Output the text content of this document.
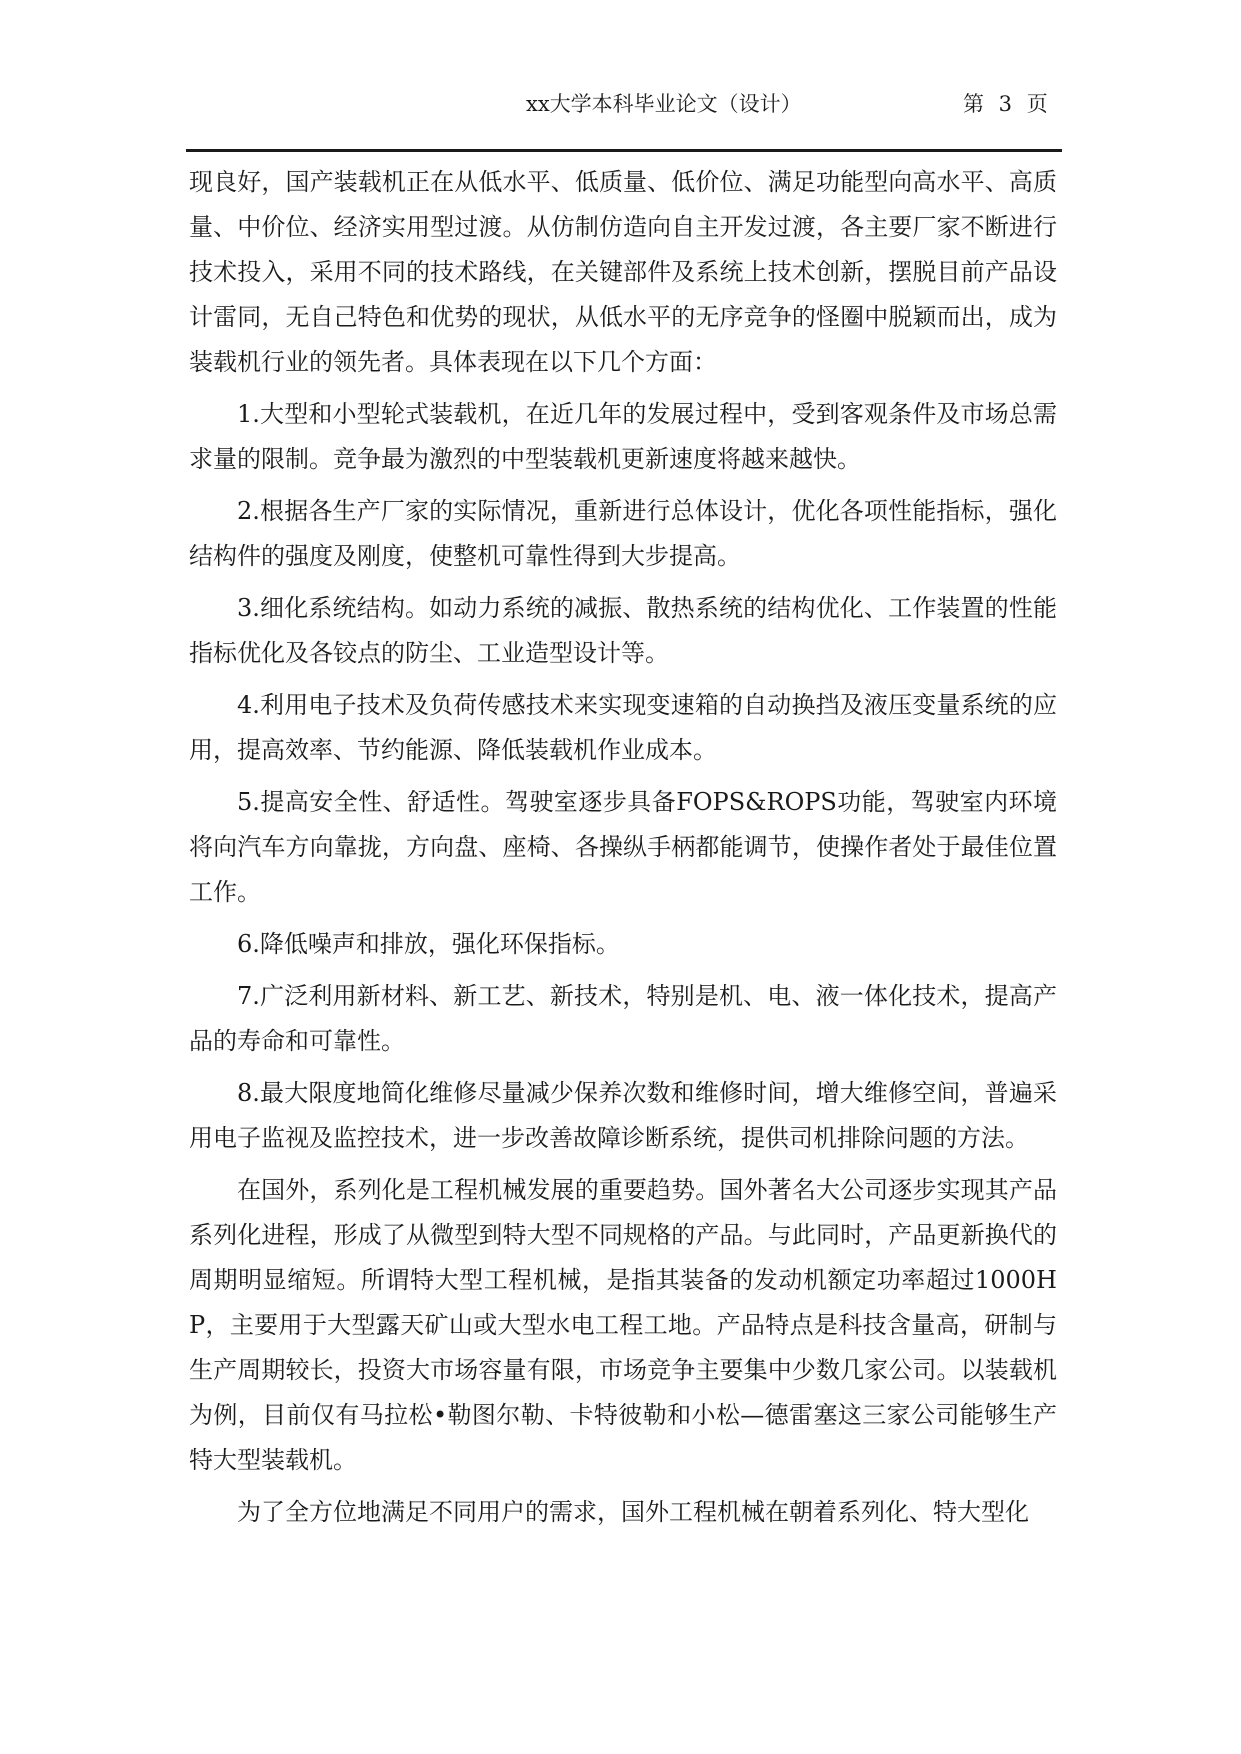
xx大学本科毕业论文（设计）	第 3 页

现良好，国产装载机正在从低水平、低质量、低价位、满足功能型向高水平、高质量、中价位、经济实用型过渡。从仿制仿造向自主开发过渡，各主要厂家不断进行技术投入，采用不同的技术路线，在关键部件及系统上技术创新，摆脱目前产品设计雷同，无自己特色和优势的现状，从低水平的无序竞争的怪圈中脱颖而出，成为装载机行业的领先者。具体表现在以下几个方面：

1.大型和小型轮式装载机，在近几年的发展过程中，受到客观条件及市场总需求量的限制。竞争最为激烈的中型装载机更新速度将越来越快。

2.根据各生产厂家的实际情况，重新进行总体设计，优化各项性能指标，强化结构件的强度及刚度，使整机可靠性得到大步提高。

3.细化系统结构。如动力系统的减振、散热系统的结构优化、工作装置的性能指标优化及各铰点的防尘、工业造型设计等。

4.利用电子技术及负荷传感技术来实现变速箱的自动换挡及液压变量系统的应用，提高效率、节约能源、降低装载机作业成本。

5.提高安全性、舒适性。驾驶室逐步具备FOPS&ROPS功能，驾驶室内环境将向汽车方向靠拢，方向盘、座椅、各操纵手柄都能调节，使操作者处于最佳位置工作。

6.降低噪声和排放，强化环保指标。

7.广泛利用新材料、新工艺、新技术，特别是机、电、液一体化技术，提高产品的寿命和可靠性。

8.最大限度地简化维修尽量减少保养次数和维修时间，增大维修空间，普遍采用电子监视及监控技术，进一步改善故障诊断系统，提供司机排除问题的方法。

在国外，系列化是工程机械发展的重要趋势。国外著名大公司逐步实现其产品系列化进程，形成了从微型到特大型不同规格的产品。与此同时，产品更新换代的周期明显缩短。所谓特大型工程机械，是指其装备的发动机额定功率超过1000H P，主要用于大型露天矿山或大型水电工程工地。产品特点是科技含量高，研制与生产周期较长，投资大市场容量有限，市场竞争主要集中少数几家公司。以装载机为例，目前仅有马拉松•勒图尔勒、卡特彼勒和小松—德雷塞这三家公司能够生产特大型装载机。

为了全方位地满足不同用户的需求，国外工程机械在朝着系列化、特大型化
